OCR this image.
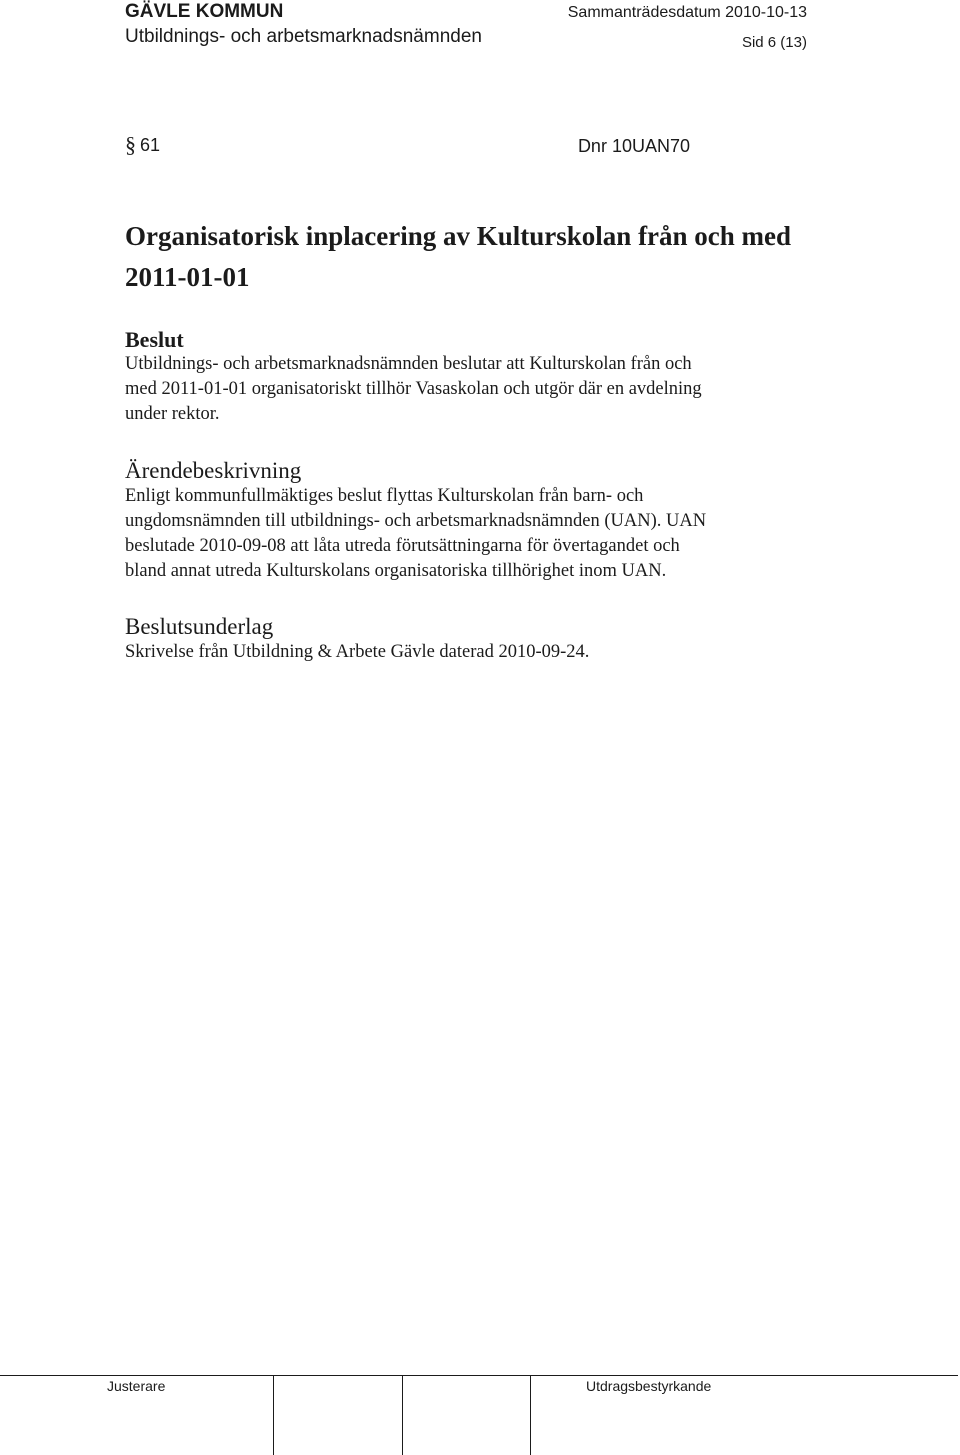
GÄVLE KOMMUN
Utbildnings- och arbetsmarknadsnämnden
Sammanträdesdatum 2010-10-13
Sid 6 (13)
§ 61	Dnr 10UAN70
Organisatorisk inplacering av Kulturskolan från och med 2011-01-01
Beslut
Utbildnings- och arbetsmarknadsnämnden beslutar att Kulturskolan från och
med 2011-01-01 organisatoriskt tillhör Vasaskolan och utgör där en avdelning
under rektor.
Ärendebeskrivning
Enligt kommunfullmäktiges beslut flyttas Kulturskolan från barn- och
ungdomsnämnden till utbildnings- och arbetsmarknadsnämnden (UAN). UAN
beslutade 2010-09-08 att låta utreda förutsättningarna för övertagandet och
bland annat utreda Kulturskolans organisatoriska tillhörighet inom UAN.
Beslutsunderlag
Skrivelse från Utbildning & Arbete Gävle daterad 2010-09-24.
Justerare	Utdragsbestyrkande
